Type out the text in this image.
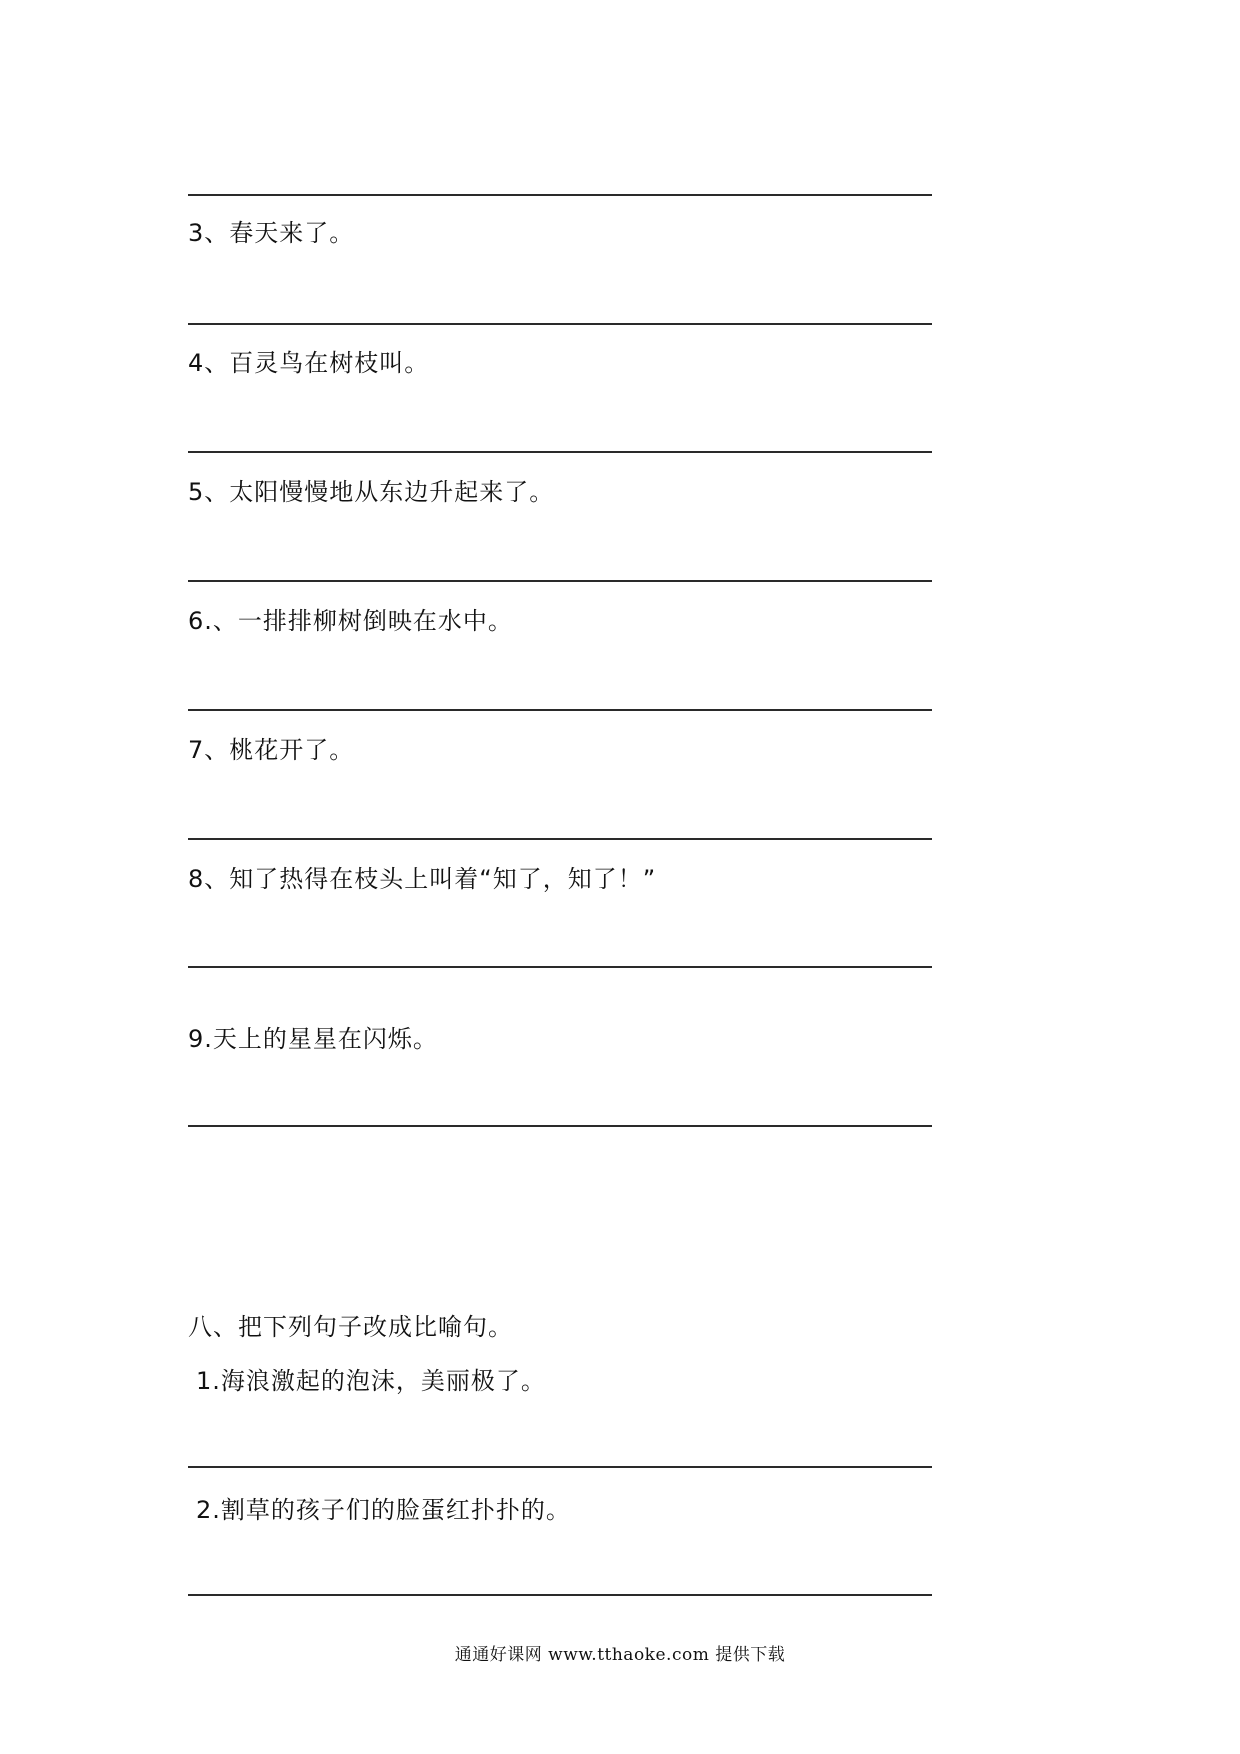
3、春天来了。
4、百灵鸟在树枝叫。
5、太阳慢慢地从东边升起来了。
6.、一排排柳树倒映在水中。
7、桃花开了。
8、知了热得在枝头上叫着“知了，知了！”
9.天上的星星在闪烁。
八、把下列句子改成比喻句。
1.海浪激起的泡沫，美丽极了。
2.割草的孩子们的脸蛋红扑扑的。
通通好课网 www.tthaoke.com 提供下载
